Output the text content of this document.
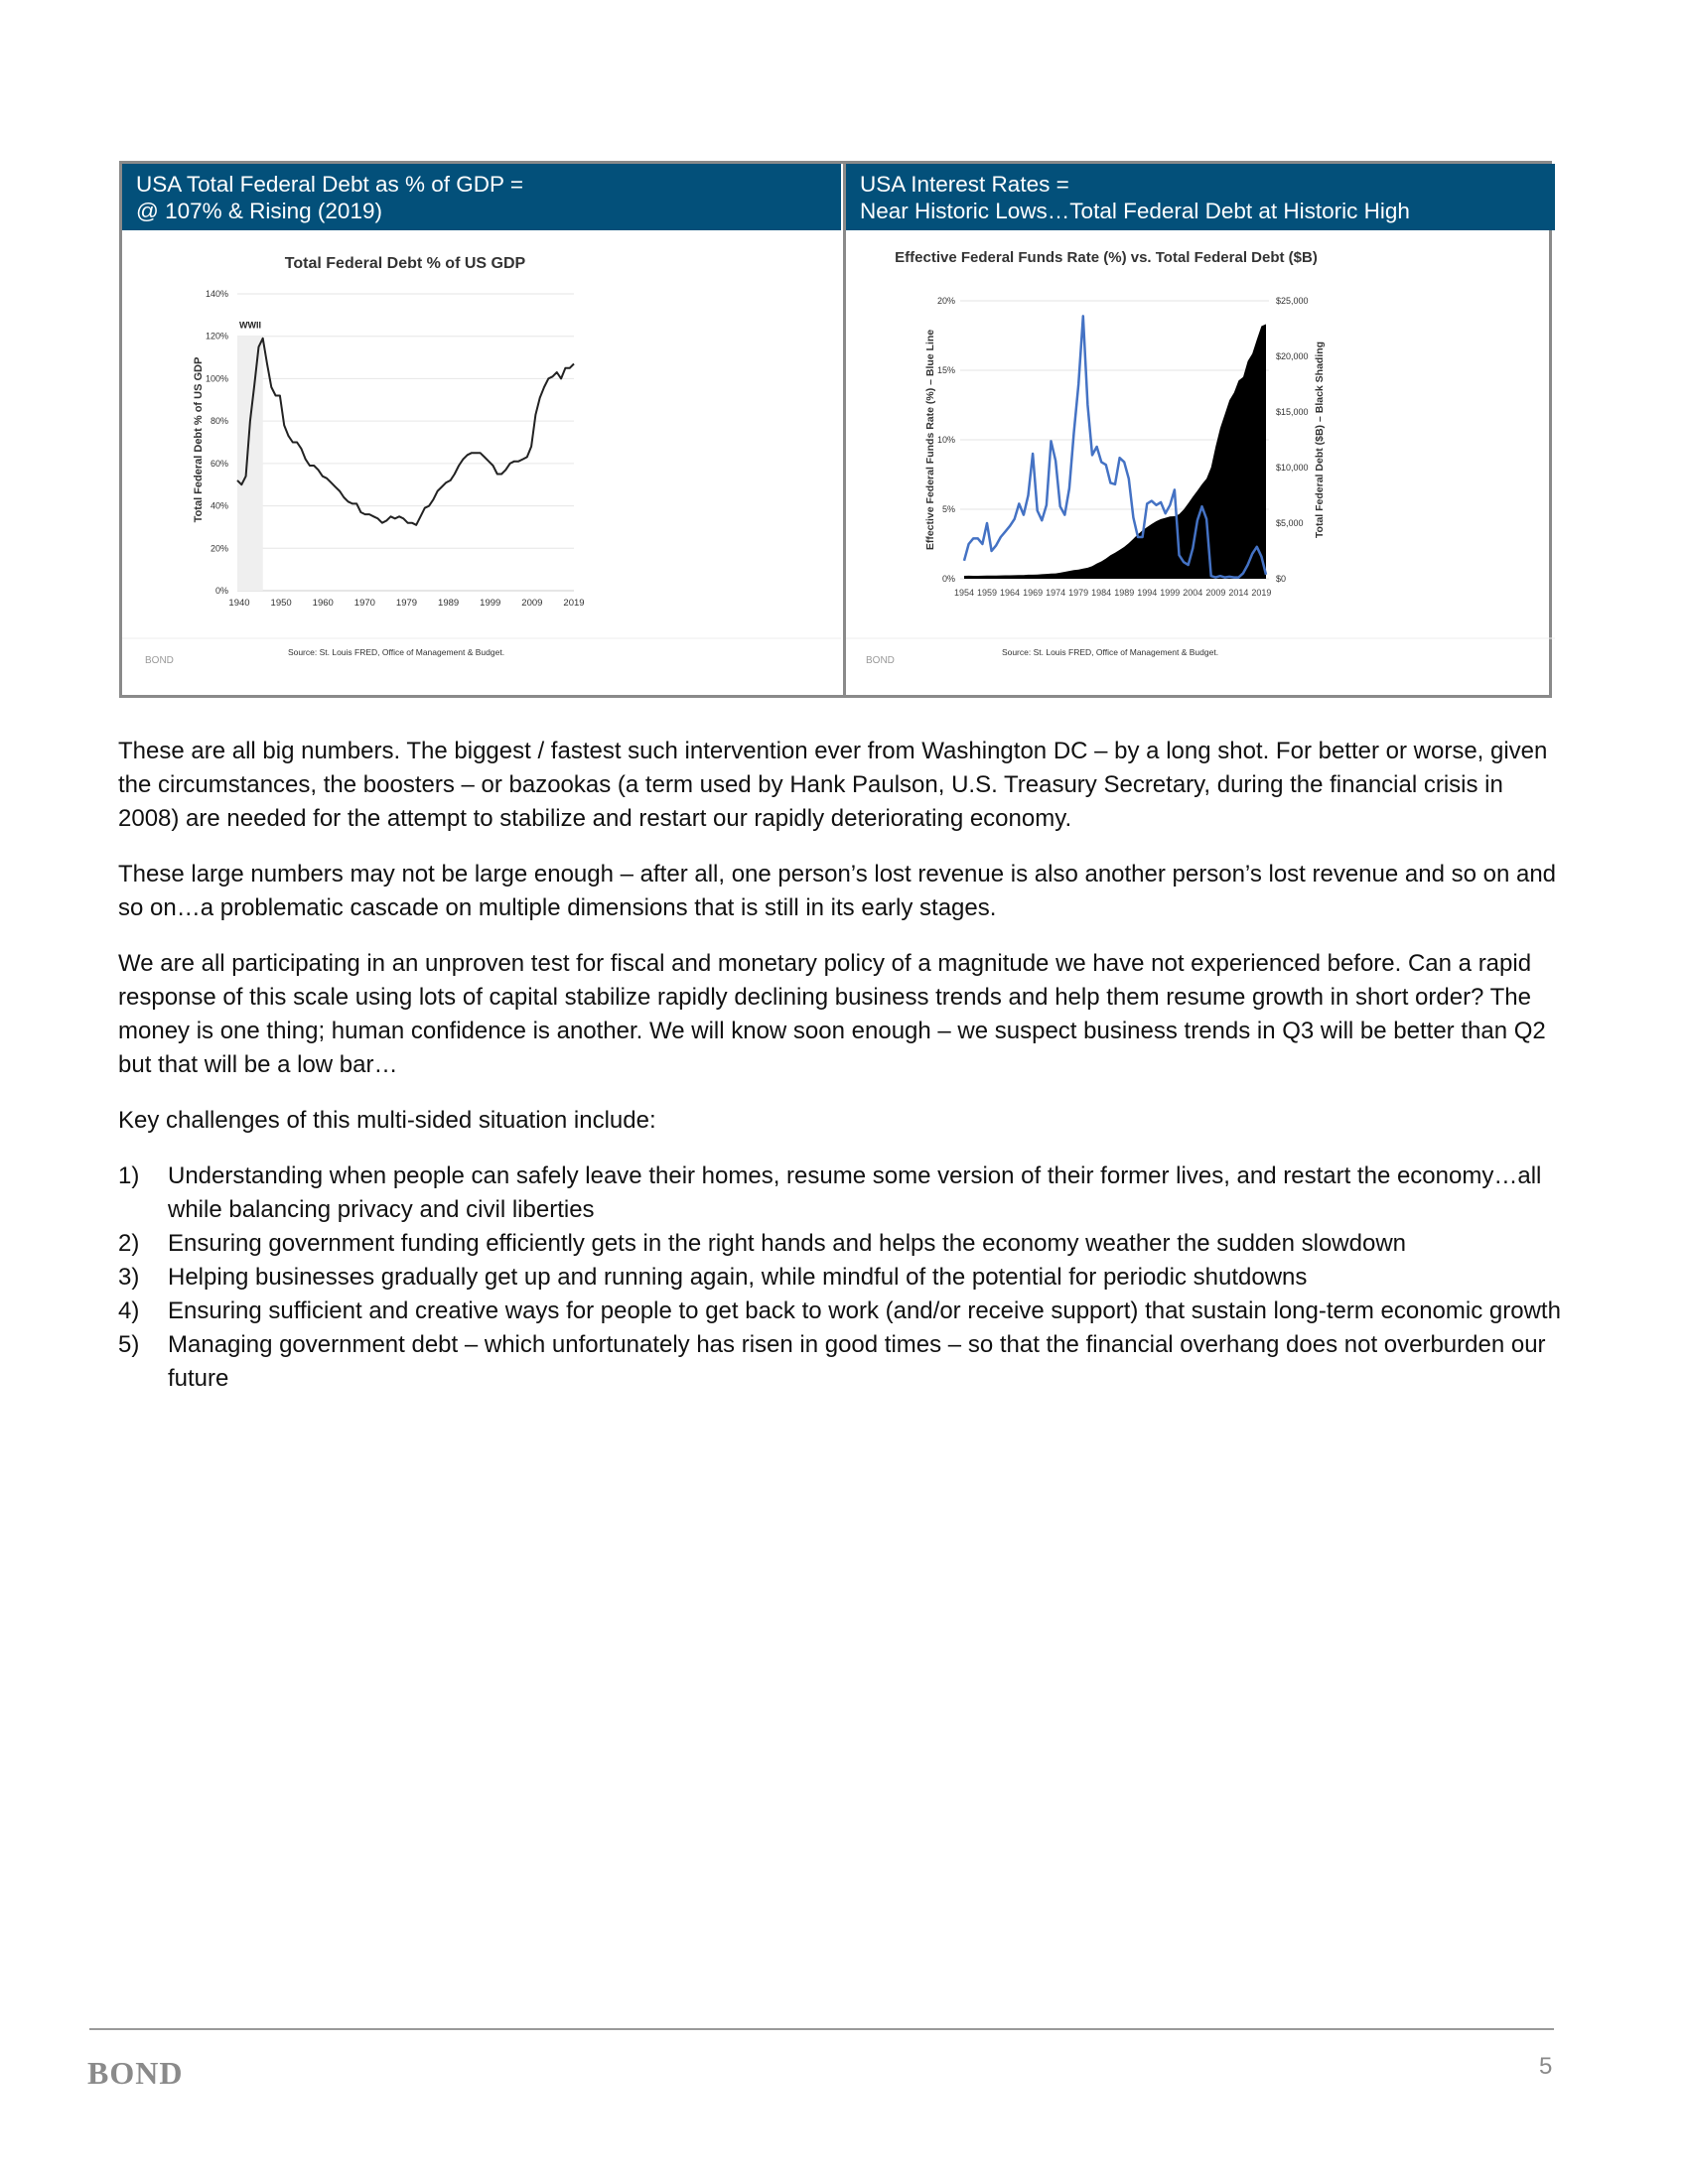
USA Total Federal Debt as % of GDP =
@ 107% & Rising (2019)
Total Federal Debt % of US GDP
Total Federal Debt % of US GDP
0%
20%
40%
60%
80%
100%
120%
140%
1940 1950 1960 1970 1979 1989 1999 2009 2019
WWII
BOND
Source: St. Louis FRED, Office of Management & Budget.
USA Interest Rates =
Near Historic Lows…Total Federal Debt at Historic High
Effective Federal Funds Rate (%) vs. Total Federal Debt ($B)
Effective Federal Funds Rate (%) – Blue Line	Total Federal Debt ($B) – Black Shading
0%
5%
10%
15%
20%
$0
$5,000
$10,000
$15,000
$20,000
$25,000
1954 1959 1964 1969 1974 1979 1984 1989 1994 1999 2004 2009 2014 2019
BOND
Source: St. Louis FRED, Office of Management & Budget.

These are all big numbers. The biggest / fastest such intervention ever from Washington DC – by a long shot. For better or worse, given the circumstances, the boosters – or bazookas (a term used by Hank Paulson, U.S. Treasury Secretary, during the financial crisis in 2008) are needed for the attempt to stabilize and restart our rapidly deteriorating economy.

These large numbers may not be large enough – after all, one person’s lost revenue is also another person’s lost revenue and so on and so on…a problematic cascade on multiple dimensions that is still in its early stages.

We are all participating in an unproven test for fiscal and monetary policy of a magnitude we have not experienced before. Can a rapid response of this scale using lots of capital stabilize rapidly declining business trends and help them resume growth in short order? The money is one thing; human confidence is another. We will know soon enough – we suspect business trends in Q3 will be better than Q2 but that will be a low bar…

Key challenges of this multi-sided situation include:

1) Understanding when people can safely leave their homes, resume some version of their former lives, and restart the economy…all while balancing privacy and civil liberties
2) Ensuring government funding efficiently gets in the right hands and helps the economy weather the sudden slowdown
3) Helping businesses gradually get up and running again, while mindful of the potential for periodic shutdowns
4) Ensuring sufficient and creative ways for people to get back to work (and/or receive support) that sustain long-term economic growth
5) Managing government debt – which unfortunately has risen in good times – so that the financial overhang does not overburden our future
BOND	5
